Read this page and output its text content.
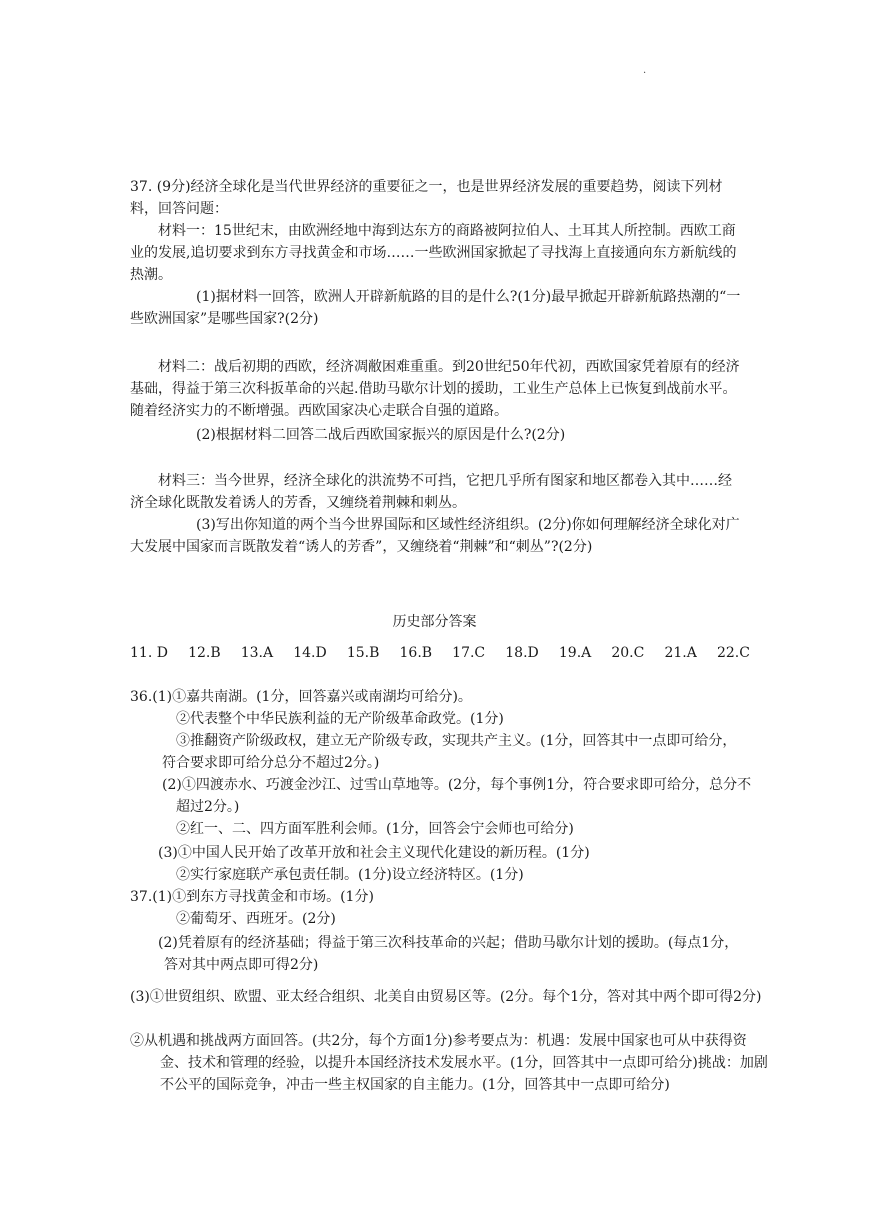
.

37. (9分)经济全球化是当代世界经济的重要征之一，也是世界经济发展的重要趋势，阅读下列材料，回答问题：

材料一：15世纪末，由欧洲经地中海到达东方的商路被阿拉伯人、土耳其人所控制。西欧工商业的发展,追切要求到东方寻找黄金和市场……一些欧洲国家掀起了寻找海上直接通向东方新航线的热潮。

(1)据材料一回答，欧洲人开辟新航路的目的是什么?(1分)最早掀起开辟新航路热潮的“一些欧洲国家”是哪些国家?(2分)

材料二：战后初期的西欧，经济凋敝困难重重。到20世纪50年代初，西欧国家凭着原有的经济基础，得益于第三次科扳革命的兴起.借助马歇尔计划的援助，工业生产总体上已恢复到战前水平。随着经济实力的不断增强。西欧国家决心走联合自强的道路。

(2)根据材料二回答二战后西欧国家振兴的原因是什么?(2分)

材料三：当今世界，经济全球化的洪流势不可挡，它把几乎所有图家和地区都卷入其中……经济全球化既散发着诱人的芳香，又缠绕着荆棘和刺丛。

(3)写出你知道的两个当今世界国际和区域性经济组织。(2分)你如何理解经济全球化对广大发展中国家而言既散发着“诱人的芳香”，又缠绕着“荆棘”和“刺丛”?(2分)

历史部分答案

11. D 12.B 13.A 14.D 15.B 16.B 17.C 18.D 19.A 20.C 21.A 22.C

36.(1)①嘉共南湖。(1分，回答嘉兴或南湖均可给分)。

②代表整个中华民族利益的无产阶级革命政党。(1分)

③推翻资产阶级政权，建立无产阶级专政，实现共产主义。(1分，回答其中一点即可给分，符合要求即可给分总分不超过2分。)

(2)①四渡赤水、巧渡金沙江、过雪山草地等。(2分，每个事例1分，符合要求即可给分，总分不超过2分。)

②红一、二、四方面军胜利会师。(1分，回答会宁会师也可给分)

(3)①中国人民开始了改革开放和社会主义现代化建设的新历程。(1分)

②实行家庭联产承包责任制。(1分)设立经济特区。(1分)

37.(1)①到东方寻找黄金和市场。(1分)

②葡萄牙、西班牙。(2分)

(2)凭着原有的经济基础；得益于第三次科技革命的兴起；借助马歇尔计划的援助。(每点1分，答对其中两点即可得2分)

(3)①世贸组织、欧盟、亚太经合组织、北美自由贸易区等。(2分。每个1分，答对其中两个即可得2分)

②从机遇和挑战两方面回答。(共2分，每个方面1分)参考要点为：机遇：发展中国家也可从中获得资金、技术和管理的经验，以提升本国经济技术发展水平。(1分，回答其中一点即可给分)挑战：加剧不公平的国际竞争，冲击一些主权国家的自主能力。(1分，回答其中一点即可给分)
